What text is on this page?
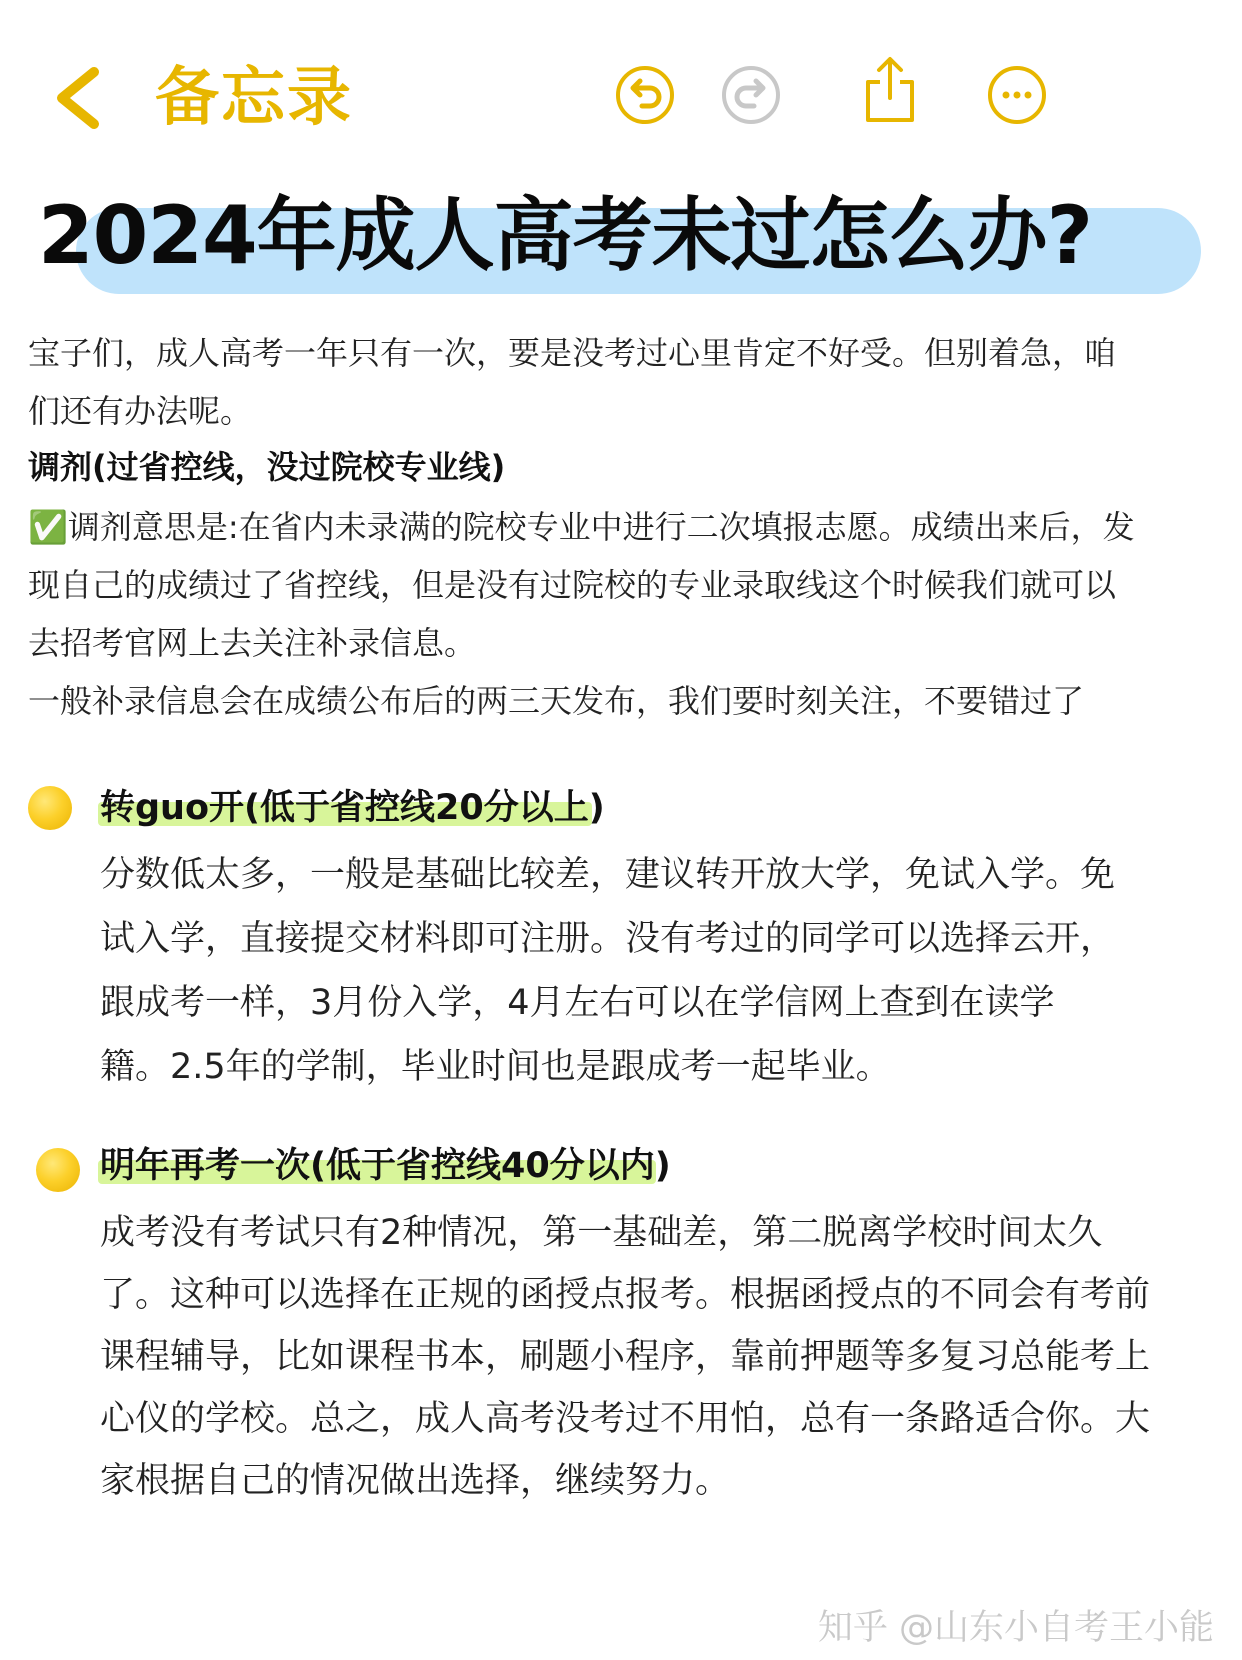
备忘录
2024年成人高考未过怎么办?

宝子们，成人高考一年只有一次，要是没考过心里肯定不好受。但别着急，咱

们还有办法呢。

调剂(过省控线，没过院校专业线)

✅调剂意思是:在省内未录满的院校专业中进行二次填报志愿。成绩出来后，发

现自己的成绩过了省控线，但是没有过院校的专业录取线这个时候我们就可以

去招考官网上去关注补录信息。

一般补录信息会在成绩公布后的两三天发布，我们要时刻关注，不要错过了

转guo开(低于省控线20分以上)

分数低太多，一般是基础比较差，建议转开放大学，免试入学。免

试入学，直接提交材料即可注册。没有考过的同学可以选择云开，

跟成考一样，3月份入学，4月左右可以在学信网上查到在读学

籍。2.5年的学制，毕业时间也是跟成考一起毕业。

明年再考一次(低于省控线40分以内)

成考没有考试只有2种情况，第一基础差，第二脱离学校时间太久

了。这种可以选择在正规的函授点报考。根据函授点的不同会有考前

课程辅导，比如课程书本，刷题小程序，靠前押题等多复习总能考上

心仪的学校。总之，成人高考没考过不用怕，总有一条路适合你。大

家根据自己的情况做出选择，继续努力。

知乎 @山东小自考王小能
